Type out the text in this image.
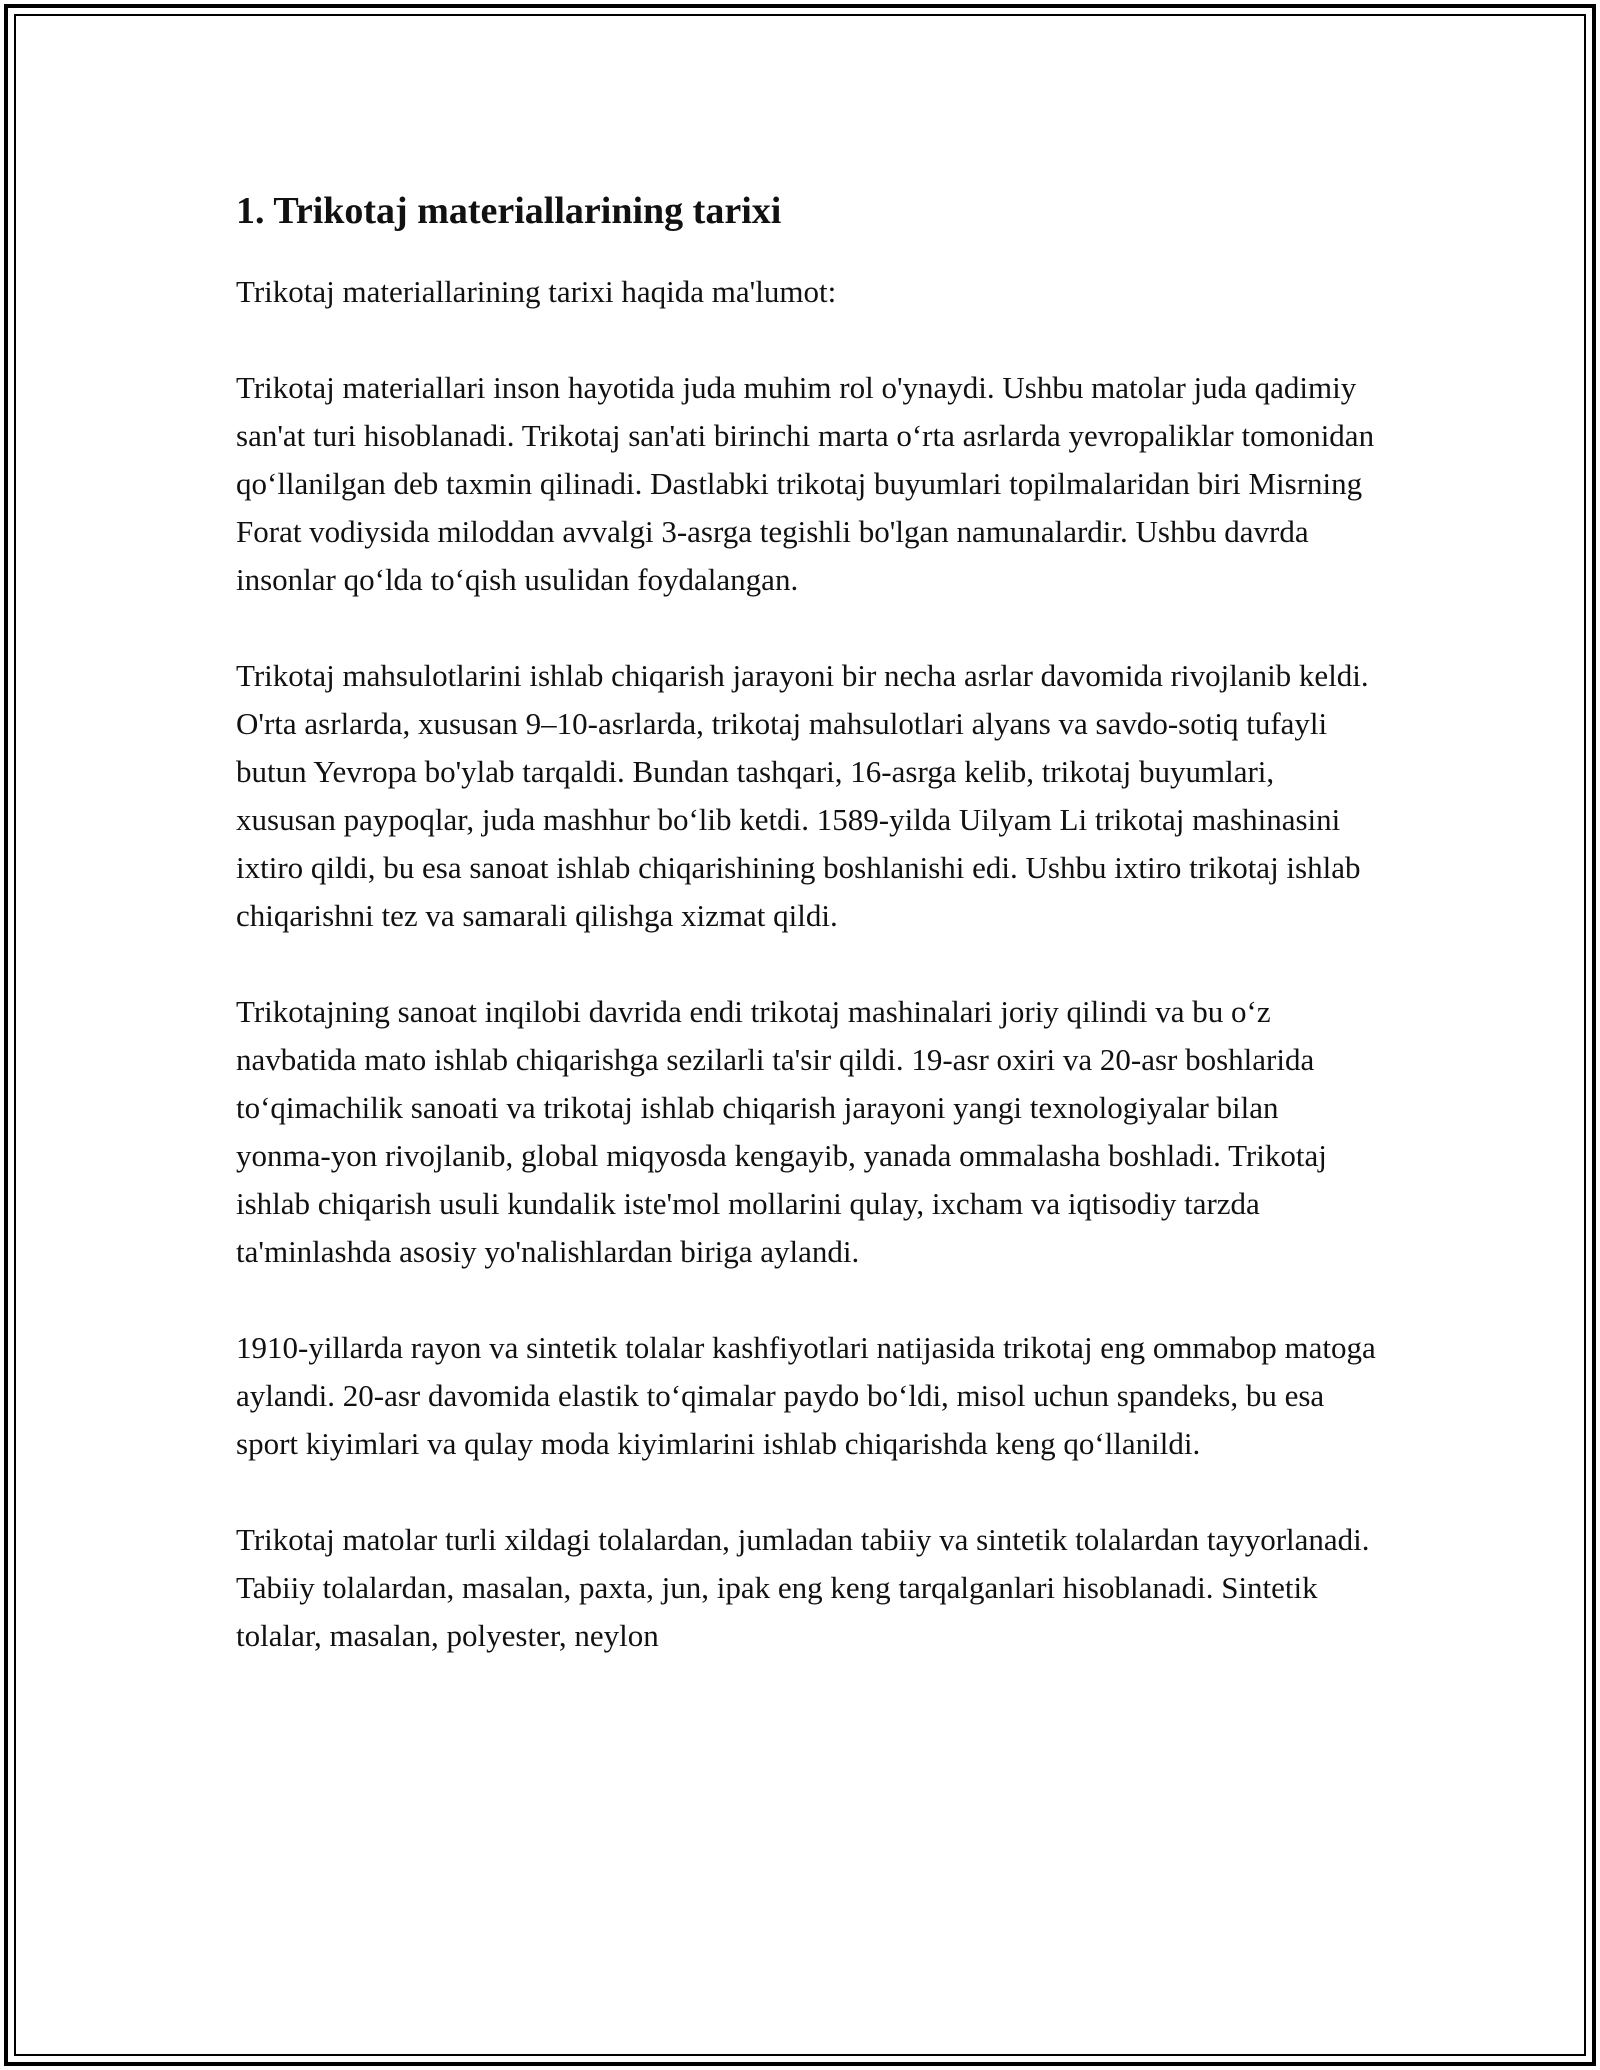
1. Trikotaj materiallarining tarixi

Trikotaj materiallarining tarixi haqida ma'lumot:

Trikotaj materiallari inson hayotida juda muhim rol o'ynaydi. Ushbu matolar juda qadimiy san'at turi hisoblanadi. Trikotaj san'ati birinchi marta o‘rta asrlarda yevropaliklar tomonidan qo‘llanilgan deb taxmin qilinadi. Dastlabki trikotaj buyumlari topilmalaridan biri Misrning Forat vodiysida miloddan avvalgi 3-asrga tegishli bo'lgan namunalardir. Ushbu davrda insonlar qo‘lda to‘qish usulidan foydalangan.

Trikotaj mahsulotlarini ishlab chiqarish jarayoni bir necha asrlar davomida rivojlanib keldi. O'rta asrlarda, xususan 9–10-asrlarda, trikotaj mahsulotlari alyans va savdo-sotiq tufayli butun Yevropa bo'ylab tarqaldi. Bundan tashqari, 16-asrga kelib, trikotaj buyumlari, xususan paypoqlar, juda mashhur bo‘lib ketdi. 1589-yilda Uilyam Li trikotaj mashinasini ixtiro qildi, bu esa sanoat ishlab chiqarishining boshlanishi edi. Ushbu ixtiro trikotaj ishlab chiqarishni tez va samarali qilishga xizmat qildi.

Trikotajning sanoat inqilobi davrida endi trikotaj mashinalari joriy qilindi va bu o‘z navbatida mato ishlab chiqarishga sezilarli ta'sir qildi. 19-asr oxiri va 20-asr boshlarida to‘qimachilik sanoati va trikotaj ishlab chiqarish jarayoni yangi texnologiyalar bilan yonma-yon rivojlanib, global miqyosda kengayib, yanada ommalasha boshladi. Trikotaj ishlab chiqarish usuli kundalik iste'mol mollarini qulay, ixcham va iqtisodiy tarzda ta'minlashda asosiy yo'nalishlardan biriga aylandi.

1910-yillarda rayon va sintetik tolalar kashfiyotlari natijasida trikotaj eng ommabop matoga aylandi. 20-asr davomida elastik to‘qimalar paydo bo‘ldi, misol uchun spandeks, bu esa sport kiyimlari va qulay moda kiyimlarini ishlab chiqarishda keng qo‘llanildi.

Trikotaj matolar turli xildagi tolalardan, jumladan tabiiy va sintetik tolalardan tayyorlanadi. Tabiiy tolalardan, masalan, paxta, jun, ipak eng keng tarqalganlari hisoblanadi. Sintetik tolalar, masalan, polyester, neylon
